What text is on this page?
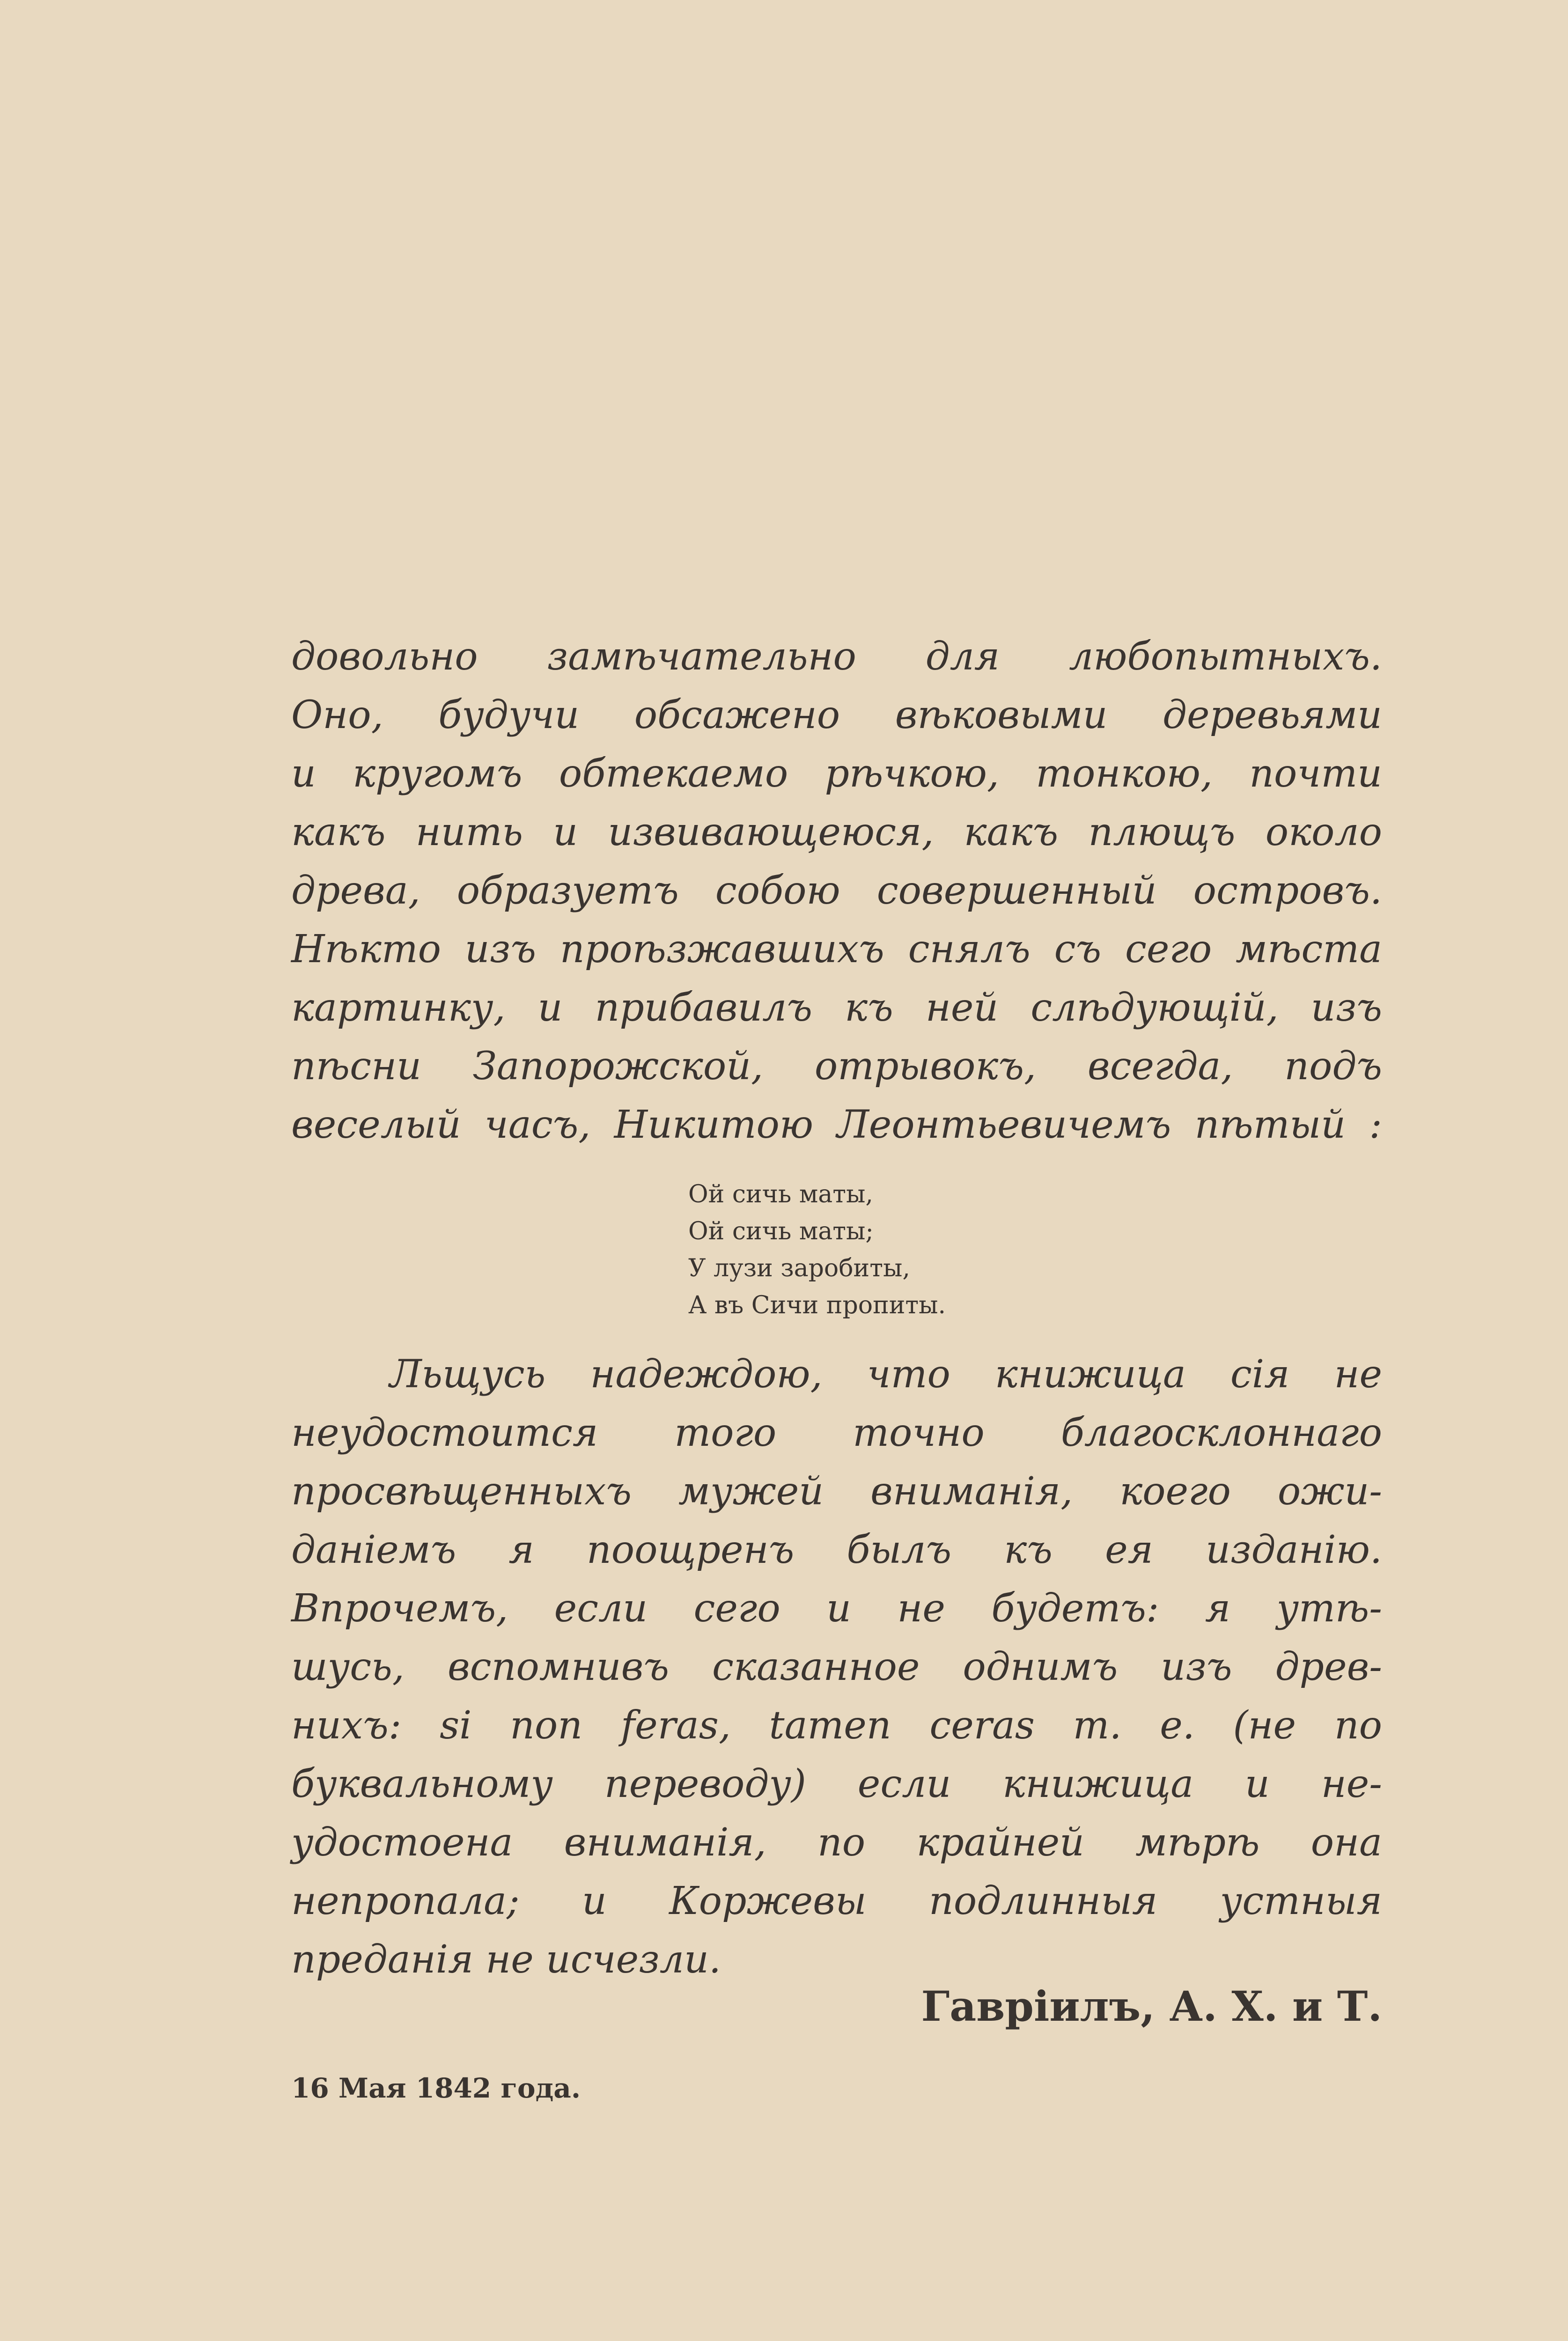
довольно замѣчательно для любопытныхъ.
Оно, будучи обсажено вѣковыми деревьями
и кругомъ обтекаемо рѣчкою, тонкою, почти
какъ нить и извивающеюся, какъ плющъ около
древа, образуетъ собою совершенный островъ.
Нѣкто изъ проѣзжавшихъ снялъ съ сего мѣста
картинку, и прибавилъ къ ней слѣдующій, изъ
пѣсни Запорожской, отрывокъ, всегда, подъ
веселый часъ, Никитою Леонтьевичемъ пѣтый :
Ой сичь маты,
Ой сичь маты;
У лузи заробиты,
А въ Сичи пропиты.
Льщусь надеждою, что книжица сія не
неудостоится того точно благосклоннаго
просвѣщенныхъ мужей вниманія, коего ожи-
даніемъ я поощренъ былъ къ ея изданію.
Впрочемъ, если сего и не будетъ: я утѣ-
шусь, вспомнивъ сказанное однимъ изъ древ-
нихъ: si non feras, tamen ceras т. е. (не по
буквальному переводу) если книжица и не-
удостоена вниманія, по крайней мѣрѣ она
непропала; и Коржевы подлинныя устныя
преданія не исчезли.
Гавріилъ, А. Х. и Т.
16 Мая 1842 года.
